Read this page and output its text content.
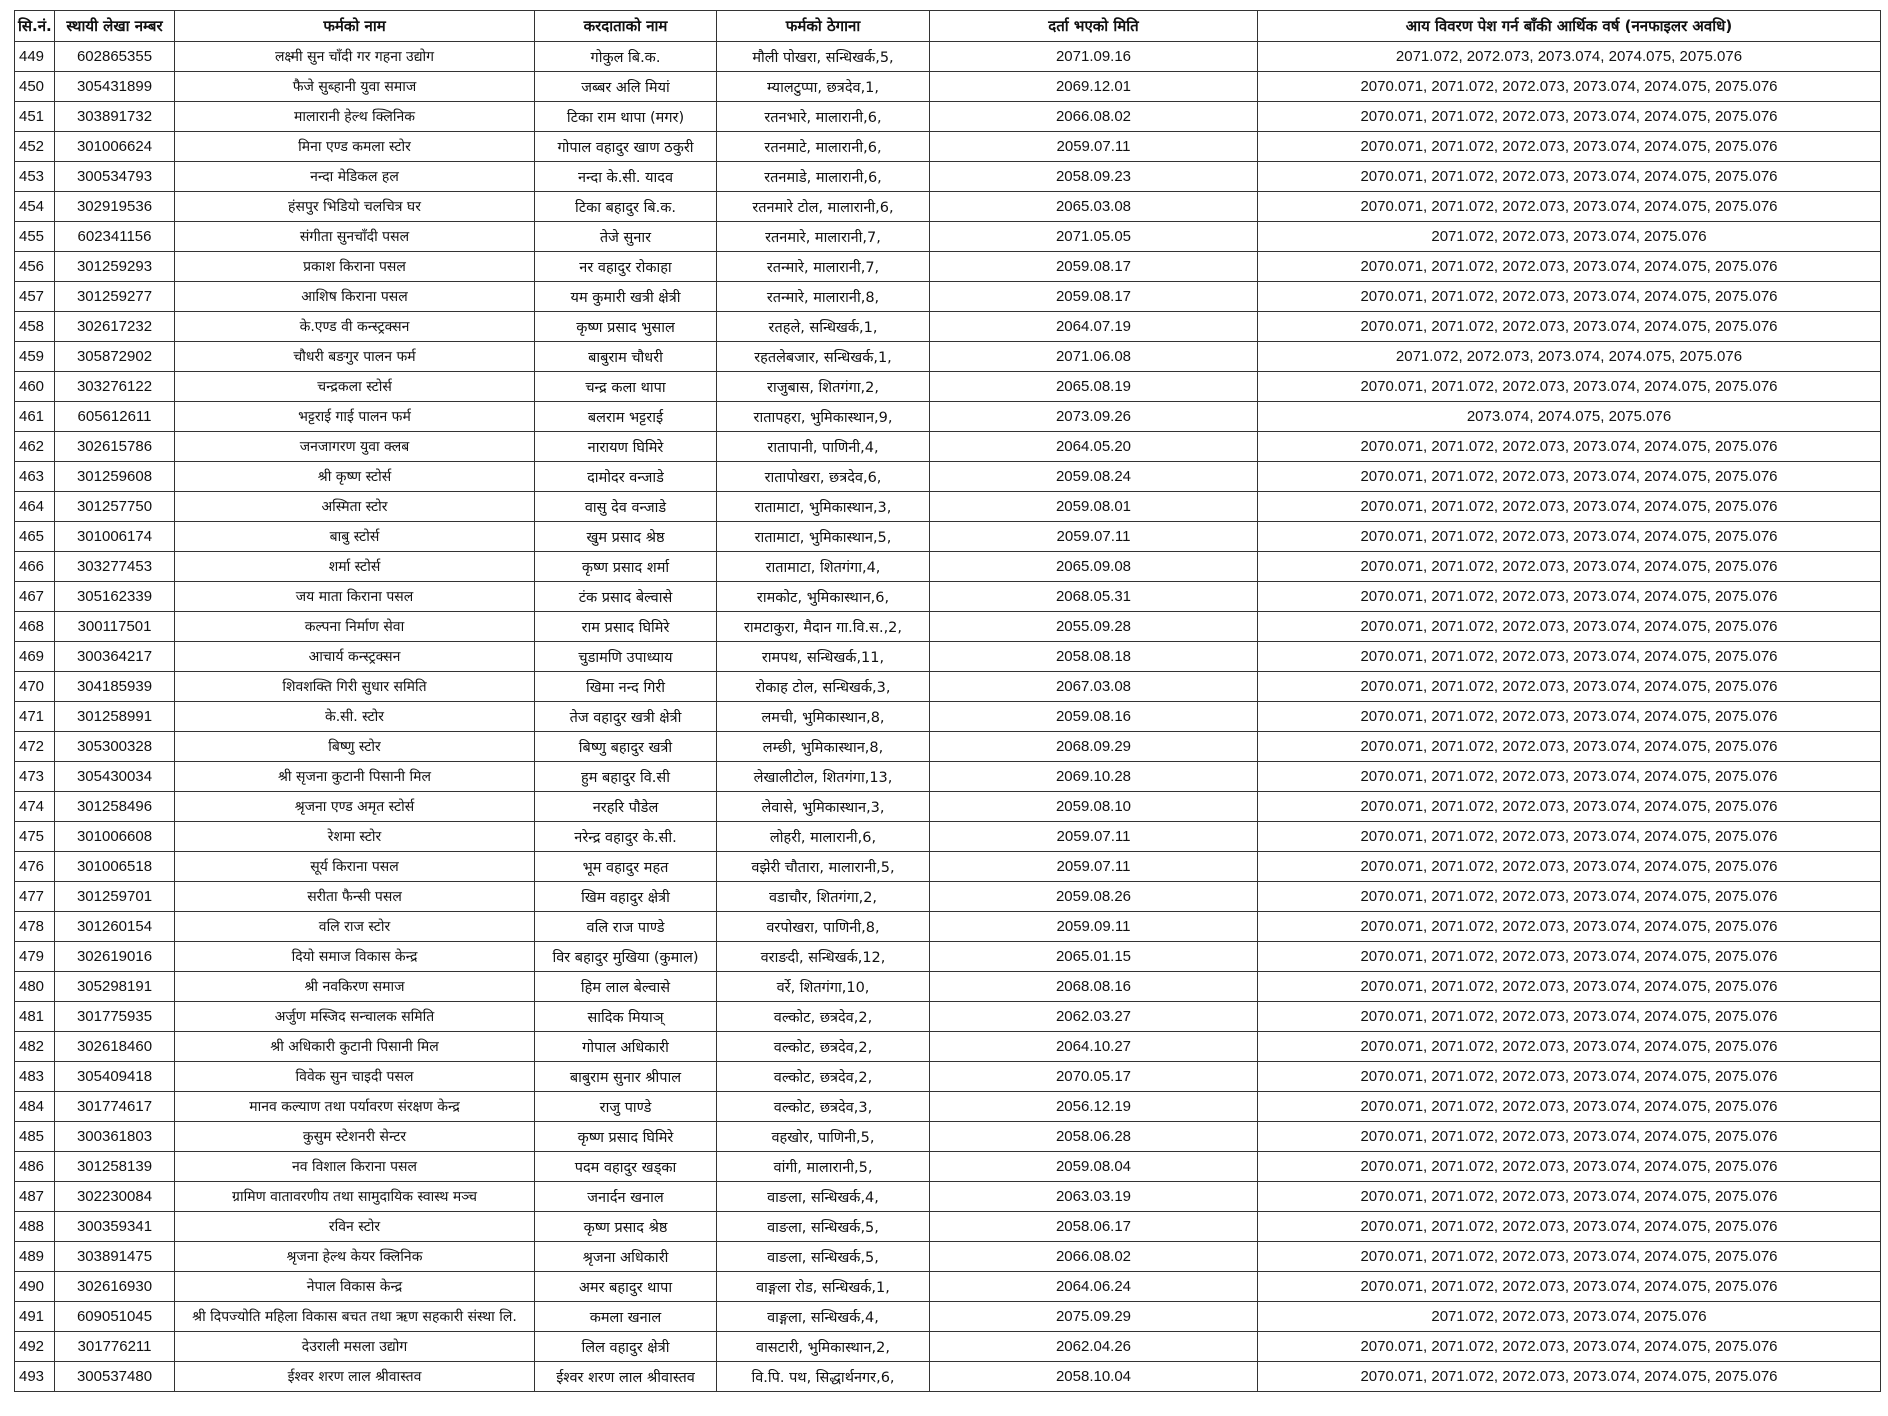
सि.नं.	स्थायी लेखा नम्बर	फर्मको नाम	करदाताको नाम	फर्मको ठेगाना	दर्ता भएको मिति	आय विवरण पेश गर्न बाँकी आर्थिक वर्ष (ननफाइलर अवधि)
449	602865355	लक्ष्मी सुन चाँदी गर गहना उद्योग	गोकुल बि.क.	मौली पोखरा, सन्धिखर्क,5,	2071.09.16	2071.072, 2072.073, 2073.074, 2074.075, 2075.076
450	305431899	फैजे सुब्हानी युवा समाज	जब्बर अलि मियां	म्यालटुप्पा, छत्रदेव,1,	2069.12.01	2070.071, 2071.072, 2072.073, 2073.074, 2074.075, 2075.076
451	303891732	मालारानी हेल्थ क्लिनिक	टिका राम थापा (मगर)	रतनभारे, मालारानी,6,	2066.08.02	2070.071, 2071.072, 2072.073, 2073.074, 2074.075, 2075.076
452	301006624	मिना एण्ड कमला स्टोर	गोपाल वहादुर खाण ठकुरी	रतनमाटे, मालारानी,6,	2059.07.11	2070.071, 2071.072, 2072.073, 2073.074, 2074.075, 2075.076
453	300534793	नन्दा मेडिकल हल	नन्दा के.सी. यादव	रतनमाडे, मालारानी,6,	2058.09.23	2070.071, 2071.072, 2072.073, 2073.074, 2074.075, 2075.076
454	302919536	हंसपुर भिडियो चलचित्र घर	टिका बहादुर बि.क.	रतनमारे टोल, मालारानी,6,	2065.03.08	2070.071, 2071.072, 2072.073, 2073.074, 2074.075, 2075.076
455	602341156	संगीता सुनचाँदी पसल	तेजे सुनार	रतनमारे, मालारानी,7,	2071.05.05	2071.072, 2072.073, 2073.074, 2075.076
456	301259293	प्रकाश किराना पसल	नर वहादुर रोकाहा	रतन्मारे, मालारानी,7,	2059.08.17	2070.071, 2071.072, 2072.073, 2073.074, 2074.075, 2075.076
457	301259277	आशिष किराना पसल	यम कुमारी खत्री क्षेत्री	रतन्मारे, मालारानी,8,	2059.08.17	2070.071, 2071.072, 2072.073, 2073.074, 2074.075, 2075.076
458	302617232	के.एण्ड वी कन्स्ट्रक्सन	कृष्ण प्रसाद भुसाल	रतहले, सन्धिखर्क,1,	2064.07.19	2070.071, 2071.072, 2072.073, 2073.074, 2074.075, 2075.076
459	305872902	चौधरी बङगुर पालन फर्म	बाबुराम चौधरी	रहतलेबजार, सन्धिखर्क,1,	2071.06.08	2071.072, 2072.073, 2073.074, 2074.075, 2075.076
460	303276122	चन्द्रकला स्टोर्स	चन्द्र कला थापा	राजुबास, शितगंगा,2,	2065.08.19	2070.071, 2071.072, 2072.073, 2073.074, 2074.075, 2075.076
461	605612611	भट्टराई गाई पालन फर्म	बलराम भट्टराई	रातापहरा, भुमिकास्थान,9,	2073.09.26	2073.074, 2074.075, 2075.076
462	302615786	जनजागरण युवा क्लब	नारायण घिमिरे	रातापानी, पाणिनी,4,	2064.05.20	2070.071, 2071.072, 2072.073, 2073.074, 2074.075, 2075.076
463	301259608	श्री कृष्ण स्टोर्स	दामोदर वन्जाडे	रातापोखरा, छत्रदेव,6,	2059.08.24	2070.071, 2071.072, 2072.073, 2073.074, 2074.075, 2075.076
464	301257750	अस्मिता स्टोर	वासु देव वन्जाडे	रातामाटा, भुमिकास्थान,3,	2059.08.01	2070.071, 2071.072, 2072.073, 2073.074, 2074.075, 2075.076
465	301006174	बाबु स्टोर्स	खुम प्रसाद श्रेष्ठ	रातामाटा, भुमिकास्थान,5,	2059.07.11	2070.071, 2071.072, 2072.073, 2073.074, 2074.075, 2075.076
466	303277453	शर्मा स्टोर्स	कृष्ण प्रसाद शर्मा	रातामाटा, शितगंगा,4,	2065.09.08	2070.071, 2071.072, 2072.073, 2073.074, 2074.075, 2075.076
467	305162339	जय माता किराना पसल	टंक प्रसाद बेल्वासे	रामकोट, भुमिकास्थान,6,	2068.05.31	2070.071, 2071.072, 2072.073, 2073.074, 2074.075, 2075.076
468	300117501	कल्पना निर्माण सेवा	राम प्रसाद घिमिरे	रामटाकुरा, मैदान गा.वि.स.,2,	2055.09.28	2070.071, 2071.072, 2072.073, 2073.074, 2074.075, 2075.076
469	300364217	आचार्य कन्स्ट्रक्सन	चुडामणि उपाध्याय	रामपथ, सन्धिखर्क,11,	2058.08.18	2070.071, 2071.072, 2072.073, 2073.074, 2074.075, 2075.076
470	304185939	शिवशक्ति गिरी सुधार समिति	खिमा नन्द गिरी	रोकाह टोल, सन्धिखर्क,3,	2067.03.08	2070.071, 2071.072, 2072.073, 2073.074, 2074.075, 2075.076
471	301258991	के.सी. स्टोर	तेज वहादुर खत्री क्षेत्री	लमची, भुमिकास्थान,8,	2059.08.16	2070.071, 2071.072, 2072.073, 2073.074, 2074.075, 2075.076
472	305300328	बिष्णु स्टोर	बिष्णु बहादुर खत्री	लम्छी, भुमिकास्थान,8,	2068.09.29	2070.071, 2071.072, 2072.073, 2073.074, 2074.075, 2075.076
473	305430034	श्री सृजना कुटानी पिसानी मिल	हुम बहादुर वि.सी	लेखालीटोल, शितगंगा,13,	2069.10.28	2070.071, 2071.072, 2072.073, 2073.074, 2074.075, 2075.076
474	301258496	श्रृजना एण्ड अमृत स्टोर्स	नरहरि पौडेल	लेवासे, भुमिकास्थान,3,	2059.08.10	2070.071, 2071.072, 2072.073, 2073.074, 2074.075, 2075.076
475	301006608	रेशमा स्टोर	नरेन्द्र वहादुर के.सी.	लोहरी, मालारानी,6,	2059.07.11	2070.071, 2071.072, 2072.073, 2073.074, 2074.075, 2075.076
476	301006518	सूर्य किराना पसल	भूम वहादुर महत	वझेरी चौतारा, मालारानी,5,	2059.07.11	2070.071, 2071.072, 2072.073, 2073.074, 2074.075, 2075.076
477	301259701	सरीता फैन्सी पसल	खिम वहादुर क्षेत्री	वडाचौर, शितगंगा,2,	2059.08.26	2070.071, 2071.072, 2072.073, 2073.074, 2074.075, 2075.076
478	301260154	वलि राज स्टोर	वलि राज पाण्डे	वरपोखरा, पाणिनी,8,	2059.09.11	2070.071, 2071.072, 2072.073, 2073.074, 2074.075, 2075.076
479	302619016	दियो समाज विकास केन्द्र	विर बहादुर मुखिया (कुमाल)	वराङदी, सन्धिखर्क,12,	2065.01.15	2070.071, 2071.072, 2072.073, 2073.074, 2074.075, 2075.076
480	305298191	श्री नवकिरण समाज	हिम लाल बेल्वासे	वर्रे, शितगंगा,10,	2068.08.16	2070.071, 2071.072, 2072.073, 2073.074, 2074.075, 2075.076
481	301775935	अर्जुण मस्जिद सन्चालक समिति	सादिक मियाञ्	वल्कोट, छत्रदेव,2,	2062.03.27	2070.071, 2071.072, 2072.073, 2073.074, 2074.075, 2075.076
482	302618460	श्री अधिकारी कुटानी पिसानी मिल	गोपाल अधिकारी	वल्कोट, छत्रदेव,2,	2064.10.27	2070.071, 2071.072, 2072.073, 2073.074, 2074.075, 2075.076
483	305409418	विवेक सुन चाइदी पसल	बाबुराम सुनार श्रीपाल	वल्कोट, छत्रदेव,2,	2070.05.17	2070.071, 2071.072, 2072.073, 2073.074, 2074.075, 2075.076
484	301774617	मानव कल्याण तथा पर्यावरण संरक्षण केन्द्र	राजु पाण्डे	वल्कोट, छत्रदेव,3,	2056.12.19	2070.071, 2071.072, 2072.073, 2073.074, 2074.075, 2075.076
485	300361803	कुसुम स्टेशनरी सेन्टर	कृष्ण प्रसाद घिमिरे	वहखोर, पाणिनी,5,	2058.06.28	2070.071, 2071.072, 2072.073, 2073.074, 2074.075, 2075.076
486	301258139	नव विशाल किराना पसल	पदम वहादुर खड्का	वांगी, मालारानी,5,	2059.08.04	2070.071, 2071.072, 2072.073, 2073.074, 2074.075, 2075.076
487	302230084	ग्रामिण वातावरणीय तथा सामुदायिक स्वास्थ मञ्च	जनार्दन खनाल	वाङला, सन्धिखर्क,4,	2063.03.19	2070.071, 2071.072, 2072.073, 2073.074, 2074.075, 2075.076
488	300359341	रविन स्टोर	कृष्ण प्रसाद श्रेष्ठ	वाङला, सन्धिखर्क,5,	2058.06.17	2070.071, 2071.072, 2072.073, 2073.074, 2074.075, 2075.076
489	303891475	श्रृजना हेल्थ केयर क्लिनिक	श्रृजना अधिकारी	वाङला, सन्धिखर्क,5,	2066.08.02	2070.071, 2071.072, 2072.073, 2073.074, 2074.075, 2075.076
490	302616930	नेपाल विकास केन्द्र	अमर बहादुर थापा	वाङ्गला रोड, सन्धिखर्क,1,	2064.06.24	2070.071, 2071.072, 2072.073, 2073.074, 2074.075, 2075.076
491	609051045	श्री दिपज्योति महिला विकास बचत तथा ऋण सहकारी संस्था लि.	कमला खनाल	वाङ्गला, सन्धिखर्क,4,	2075.09.29	2071.072, 2072.073, 2073.074, 2075.076
492	301776211	देउराली मसला उद्योग	लिल वहादुर क्षेत्री	वासटारी, भुमिकास्थान,2,	2062.04.26	2070.071, 2071.072, 2072.073, 2073.074, 2074.075, 2075.076
493	300537480	ईश्वर शरण लाल श्रीवास्तव	ईश्वर शरण लाल श्रीवास्तव	वि.पि. पथ, सिद्धार्थनगर,6,	2058.10.04	2070.071, 2071.072, 2072.073, 2073.074, 2074.075, 2075.076
